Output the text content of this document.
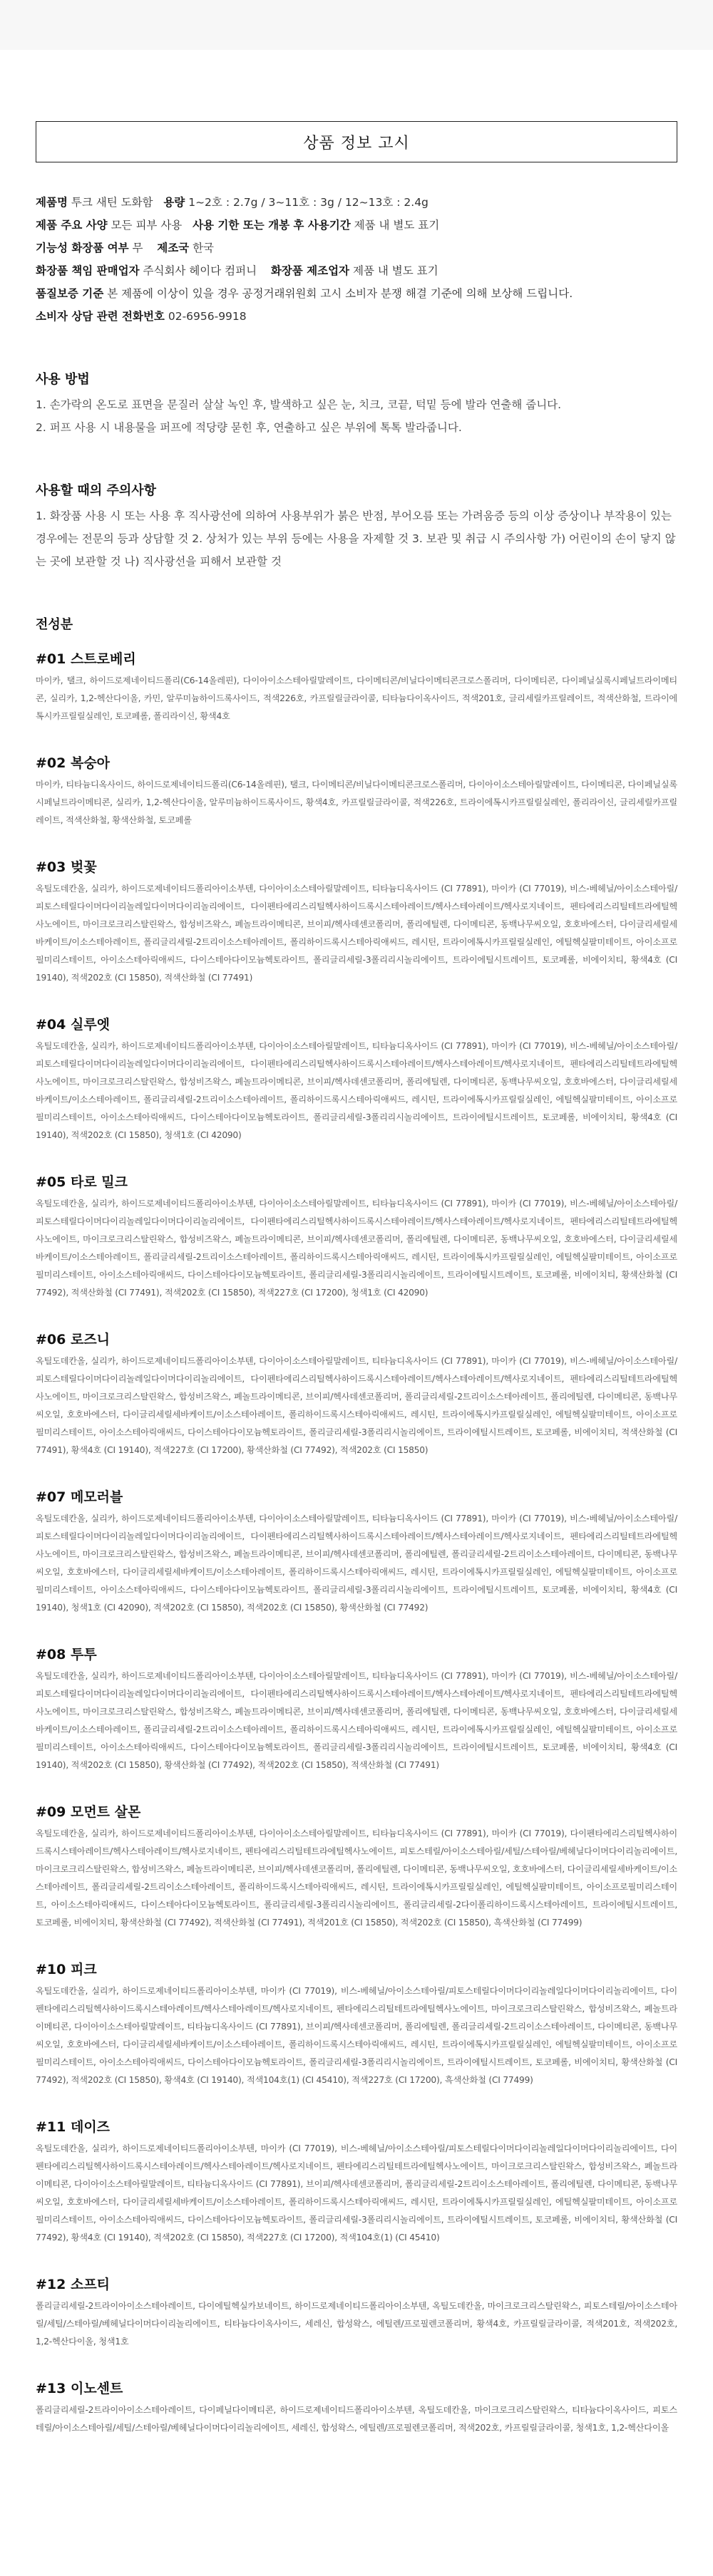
상품 정보 고시
제품명 투크 새틴 도화함 용량 1~2호 : 2.7g / 3~11호 : 3g / 12~13호 : 2.4g
제품 주요 사양 모든 피부 사용 사용 기한 또는 개봉 후 사용기간 제품 내 별도 표기
기능성 화장품 여부 무 제조국 한국
화장품 책임 판매업자 주식회사 헤이다 컴퍼니 화장품 제조업자 제품 내 별도 표기
품질보증 기준 본 제품에 이상이 있을 경우 공정거래위원회 고시 소비자 분쟁 해결 기준에 의해 보상해 드립니다.
소비자 상담 관련 전화번호 02-6956-9918
사용 방법
1. 손가락의 온도로 표면을 문질러 살살 녹인 후, 발색하고 싶은 눈, 치크, 코끝, 턱밑 등에 발라 연출해 줍니다.
2. 퍼프 사용 시 내용물을 퍼프에 적당량 묻힌 후, 연출하고 싶은 부위에 톡톡 발라줍니다.
사용할 때의 주의사항
1. 화장품 사용 시 또는 사용 후 직사광선에 의하여 사용부위가 붉은 반점, 부어오름 또는 가려움증 등의 이상 증상이나 부작용이 있는 경우에는 전문의 등과 상담할 것 2. 상처가 있는 부위 등에는 사용을 자제할 것 3. 보관 및 취급 시 주의사항 가) 어린이의 손이 닿지 않는 곳에 보관할 것 나) 직사광선을 피해서 보관할 것
전성분
#01 스트로베리
마이카, 탤크, 하이드로제네이티드폴리(C6-14올레핀), 다이아이소스테아릴말레이트, 다이메티콘/비닐다이메티콘크로스폴리머, 다이메티콘, 다이페닐실록시페닐트라이메티콘, 실리카, 1,2-헥산다이올, 카민, 알루미늄하이드록사이드, 적색226호, 카프릴릴글라이콜, 티타늄다이옥사이드, 적색201호, 글리세릴카프릴레이트, 적색산화철, 트라이에톡시카프릴릴실레인, 토코페롤, 폴리라이신, 황색4호
#02 복숭아
마이카, 티타늄디옥사이드, 하이드로제네이티드폴리(C6-14올레핀), 탤크, 다이메티콘/비닐다이메티콘크로스폴리머, 다이아이소스테아릴말레이트, 다이메티콘, 다이페닐실록시페닐트라이메티콘, 실리카, 1,2-헥산다이올, 알루미늄하이드록사이드, 황색4호, 카프릴릴글라이콜, 적색226호, 트라이에톡시카프릴릴실레인, 폴리라이신, 글리세릴카프릴레이트, 적색산화철, 황색산화철, 토코페롤
#03 벚꽃
옥틸도데칸올, 실리카, 하이드로제네이티드폴리아이소부텐, 다이아이소스테아릴말레이트, 티타늄디옥사이드 (CI 77891), 마이카 (CI 77019), 비스-베헤닐/아이소스테아릴/피토스테릴다이머다이리놀레일다이머다이리놀리에이트, 다이펜타에리스리틸헥사하이드록시스테아레이트/헥사스테아레이트/헥사로지네이트, 펜타에리스리틸테트라에틸헥사노에이트, 마이크로크리스탈린왁스, 합성비즈왁스, 폐놀트라이메티콘, 브이피/헥사데센코폴리머, 폴리에틸렌, 다이메티콘, 동백나무씨오일, 호호바에스터, 다이글리세릴세바케이트/이소스테아레이트, 폴리글리세릴-2트리이소스테아레이트, 폴리하이드록시스테아릭애씨드, 레시틴, 트라이에톡시카프릴릴실레인, 에틸헥실팔미테이트, 아이소프로필미리스테이트, 아이소스테아릭애씨드, 다이스테아다이모늄헥토라이트, 폴리글리세릴-3폴리리시놀리에이트, 트라이에틸시트레이트, 토코페롤, 비에이치티, 황색4호 (CI 19140), 적색202호 (CI 15850), 적색산화철 (CI 77491)
#04 실루엣
옥틸도데칸올, 실리카, 하이드로제네이티드폴리아이소부텐, 다이아이소스테아릴말레이트, 티타늄디옥사이드 (CI 77891), 마이카 (CI 77019), 비스-베헤닐/아이소스테아릴/피토스테릴다이머다이리놀레일다이머다이리놀리에이트, 다이펜타에리스리틸헥사하이드록시스테아레이트/헥사스테아레이트/헥사로지네이트, 펜타에리스리틸테트라에틸헥사노에이트, 마이크로크리스탈린왁스, 합성비즈왁스, 폐놀트라이메티콘, 브이피/헥사데센코폴리머, 폴리에틸렌, 다이메티콘, 동백나무씨오일, 호호바에스터, 다이글리세릴세바케이트/이소스테아레이트, 폴리글리세릴-2트리이소스테아레이트, 폴리하이드록시스테아릭애씨드, 레시틴, 트라이에톡시카프릴릴실레인, 에틸헥실팔미테이트, 아이소프로필미리스테이트, 아이소스테아릭애씨드, 다이스테아다이모늄헥토라이트, 폴리글리세릴-3폴리리시놀리에이트, 트라이에틸시트레이트, 토코페롤, 비에이치티, 황색4호 (CI 19140), 적색202호 (CI 15850), 청색1호 (CI 42090)
#05 타로 밀크
옥틸도데칸올, 실리카, 하이드로제네이티드폴리아이소부텐, 다이아이소스테아릴말레이트, 티타늄디옥사이드 (CI 77891), 마이카 (CI 77019), 비스-베헤닐/아이소스테아릴/피토스테릴다이머다이리놀레일다이머다이리놀리에이트, 다이펜타에리스리틸헥사하이드록시스테아레이트/헥사스테아레이트/헥사로지네이트, 펜타에리스리틸테트라에틸헥사노에이트, 마이크로크리스탈린왁스, 합성비즈왁스, 폐놀트라이메티콘, 브이피/헥사데센코폴리머, 폴리에틸렌, 다이메티콘, 동백나무씨오일, 호호바에스터, 다이글리세릴세바케이트/이소스테아레이트, 폴리글리세릴-2트리이소스테아레이트, 폴리하이드록시스테아릭애씨드, 레시틴, 트라이에톡시카프릴릴실레인, 에틸헥실팔미테이트, 아이소프로필미리스테이트, 아이소스테아릭애씨드, 다이스테아다이모늄헥토라이트, 폴리글리세릴-3폴리리시놀리에이트, 트라이에틸시트레이트, 토코페롤, 비에이치티, 황색산화철 (CI 77492), 적색산화철 (CI 77491), 적색202호 (CI 15850), 적색227호 (CI 17200), 청색1호 (CI 42090)
#06 로즈니
옥틸도데칸올, 실리카, 하이드로제네이티드폴리아이소부텐, 다이아이소스테아릴말레이트, 티타늄디옥사이드 (CI 77891), 마이카 (CI 77019), 비스-베헤닐/아이소스테아릴/피토스테릴다이머다이리놀레일다이머다이리놀리에이트, 다이펜타에리스리틸헥사하이드록시스테아레이트/헥사스테아레이트/헥사로지네이트, 펜타에리스리틸테트라에틸헥사노에이트, 마이크로크리스탈린왁스, 합성비즈왁스, 폐놀트라이메티콘, 브이피/헥사데센코폴리머, 폴리글리세릴-2트리이소스테아레이트, 폴리에틸렌, 다이메티콘, 동백나무씨오일, 호호바에스터, 다이글리세릴세바케이트/이소스테아레이트, 폴리하이드록시스테아릭애씨드, 레시틴, 트라이에톡시카프릴릴실레인, 에틸헥실팔미테이트, 아이소프로필미리스테이트, 아이소스테아릭애씨드, 다이스테아다이모늄헥토라이트, 폴리글리세릴-3폴리리시놀리에이트, 트라이에틸시트레이트, 토코페롤, 비에이치티, 적색산화철 (CI 77491), 황색4호 (CI 19140), 적색227호 (CI 17200), 황색산화철 (CI 77492), 적색202호 (CI 15850)
#07 메모러블
옥틸도데칸올, 실리카, 하이드로제네이티드폴리아이소부텐, 다이아이소스테아릴말레이트, 티타늄디옥사이드 (CI 77891), 마이카 (CI 77019), 비스-베헤닐/아이소스테아릴/피토스테릴다이머다이리놀레일다이머다이리놀리에이트, 다이펜타에리스리틸헥사하이드록시스테아레이트/헥사스테아레이트/헥사로지네이트, 펜타에리스리틸테트라에틸헥사노에이트, 마이크로크리스탈린왁스, 합성비즈왁스, 폐놀트라이메티콘, 브이피/헥사데센코폴리머, 폴리에틸렌, 폴리글리세릴-2트리이소스테아레이트, 다이메티콘, 동백나무씨오일, 호호바에스터, 다이글리세릴세바케이트/이소스테아레이트, 폴리하이드록시스테아릭애씨드, 레시틴, 트라이에톡시카프릴릴실레인, 에틸헥실팔미테이트, 아이소프로필미리스테이트, 아이소스테아릭애씨드, 다이스테아다이모늄헥토라이트, 폴리글리세릴-3폴리리시놀리에이트, 트라이에틸시트레이트, 토코페롤, 비에이치티, 황색4호 (CI 19140), 청색1호 (CI 42090), 적색202호 (CI 15850), 적색202호 (CI 15850), 황색산화철 (CI 77492)
#08 투투
옥틸도데칸올, 실리카, 하이드로제네이티드폴리아이소부텐, 다이아이소스테아릴말레이트, 티타늄디옥사이드 (CI 77891), 마이카 (CI 77019), 비스-베헤닐/아이소스테아릴/피토스테릴다이머다이리놀레일다이머다이리놀리에이트, 다이펜타에리스리틸헥사하이드록시스테아레이트/헥사스테아레이트/헥사로지네이트, 펜타에리스리틸테트라에틸헥사노에이트, 마이크로크리스탈린왁스, 합성비즈왁스, 폐놀트라이메티콘, 브이피/헥사데센코폴리머, 폴리에틸렌, 다이메티콘, 동백나무씨오일, 호호바에스터, 다이글리세릴세바케이트/이소스테아레이트, 폴리글리세릴-2트리이소스테아레이트, 폴리하이드록시스테아릭애씨드, 레시틴, 트라이에톡시카프릴릴실레인, 에틸헥실팔미테이트, 아이소프로필미리스테이트, 아이소스테아릭애씨드, 다이스테아다이모늄헥토라이트, 폴리글리세릴-3폴리리시놀리에이트, 트라이에틸시트레이트, 토코페롤, 비에이치티, 황색4호 (CI 19140), 적색202호 (CI 15850), 황색산화철 (CI 77492), 적색202호 (CI 15850), 적색산화철 (CI 77491)
#09 모먼트 살몬
옥틸도데칸올, 실리카, 하이드로제네이티드폴리아이소부텐, 다이아이소스테아릴말레이트, 티타늄디옥사이드 (CI 77891), 마이카 (CI 77019), 다이펜타에리스리틸헥사하이드록시스테아레이트/헥사스테아레이트/헥사로지네이트, 펜타에리스리틸테트라에틸헥사노에이트, 피토스테릴/아이소스테아릴/세틸/스테아릴/베헤닐다이머다이리놀리에이트, 마이크로크리스탈린왁스, 합성비즈왁스, 폐놀트라이메티콘, 브이피/헥사데센코폴리머, 폴리에틸렌, 다이메티콘, 동백나무씨오일, 호호바에스터, 다이글리세릴세바케이트/이소스테아레이트, 폴리글리세릴-2트리이소스테아레이트, 폴리하이드록시스테아릭애씨드, 레시틴, 트라이에톡시카프릴릴실레인, 에틸헥실팔미테이트, 아이소프로필미리스테이트, 아이소스테아릭애씨드, 다이스테아다이모늄헥토라이트, 폴리글리세릴-3폴리리시놀리에이트, 폴리글리세릴-2다이폴리하이드록시스테아레이트, 트라이에틸시트레이트, 토코페롤, 비에이치티, 황색산화철 (CI 77492), 적색산화철 (CI 77491), 적색201호 (CI 15850), 적색202호 (CI 15850), 흑색산화철 (CI 77499)
#10 피크
옥틸도데칸올, 실리카, 하이드로제네이티드폴리아이소부텐, 마이카 (CI 77019), 비스-베헤닐/아이소스테아릴/피토스테릴다이머다이리놀레일다이머다이리놀리에이트, 다이펜타에리스리틸헥사하이드록시스테아레이트/헥사스테아레이트/헥사로지네이트, 펜타에리스리틸테트라에틸헥사노에이트, 마이크로크리스탈린왁스, 합성비즈왁스, 폐놀트라이메티콘, 다이아이소스테아릴말레이트, 티타늄디옥사이드 (CI 77891), 브이피/헥사데센코폴리머, 폴리에틸렌, 폴리글리세릴-2트리이소스테아레이트, 다이메티콘, 동백나무씨오일, 호호바에스터, 다이글리세릴세바케이트/이소스테아레이트, 폴리하이드록시스테아릭애씨드, 레시틴, 트라이에톡시카프릴릴실레인, 에틸헥실팔미테이트, 아이소프로필미리스테이트, 아이소스테아릭애씨드, 다이스테아다이모늄헥토라이트, 폴리글리세릴-3폴리리시놀리에이트, 트라이에틸시트레이트, 토코페롤, 비에이치티, 황색산화철 (CI 77492), 적색202호 (CI 15850), 황색4호 (CI 19140), 적색104호(1) (CI 45410), 적색227호 (CI 17200), 흑색산화철 (CI 77499)
#11 데이즈
옥틸도데칸올, 실리카, 하이드로제네이티드폴리아이소부텐, 마이카 (CI 77019), 비스-베헤닐/아이소스테아릴/피토스테릴다이머다이리놀레일다이머다이리놀리에이트, 다이펜타에리스리틸헥사하이드록시스테아레이트/헥사스테아레이트/헥사로지네이트, 펜타에리스리틸테트라에틸헥사노에이트, 마이크로크리스탈린왁스, 합성비즈왁스, 폐놀트라이메티콘, 다이아이소스테아릴말레이트, 티타늄디옥사이드 (CI 77891), 브이피/헥사데센코폴리머, 폴리글리세릴-2트리이소스테아레이트, 폴리에틸렌, 다이메티콘, 동백나무씨오일, 호호바에스터, 다이글리세릴세바케이트/이소스테아레이트, 폴리하이드록시스테아릭애씨드, 레시틴, 트라이에톡시카프릴릴실레인, 에틸헥실팔미테이트, 아이소프로필미리스테이트, 아이소스테아릭애씨드, 다이스테아다이모늄헥토라이트, 폴리글리세릴-3폴리리시놀리에이트, 트라이에틸시트레이트, 토코페롤, 비에이치티, 황색산화철 (CI 77492), 황색4호 (CI 19140), 적색202호 (CI 15850), 적색227호 (CI 17200), 적색104호(1) (CI 45410)
#12 소프티
폴리글리세릴-2트라이아이소스테아레이트, 다이에틸헥실카보네이트, 하이드로제네이티드폴리아이소부텐, 옥틸도데칸올, 마이크로크리스탈린왁스, 피토스테릴/아이소스테아릴/세틸/스테아릴/베헤닐다이머다이리놀리에이트, 티타늄다이옥사이드, 세레신, 합성왁스, 에틸렌/프로필렌코폴리머, 황색4호, 카프릴릴글라이콜, 적색201호, 적색202호, 1,2-헥산다이올, 청색1호
#13 이노센트
폴리글리세릴-2트라이아이소스테아레이트, 다이페닐다이메티콘, 하이드로제네이티드폴리아이소부텐, 옥틸도데칸올, 마이크로크리스탈린왁스, 티타늄다이옥사이드, 피토스테릴/아이소스테아릴/세틸/스테아릴/베헤닐다이머다이리놀리에이트, 세레신, 합성왁스, 에틸렌/프로필렌코폴리머, 적색202호, 카프릴릴글라이콜, 청색1호, 1,2-헥산다이올
